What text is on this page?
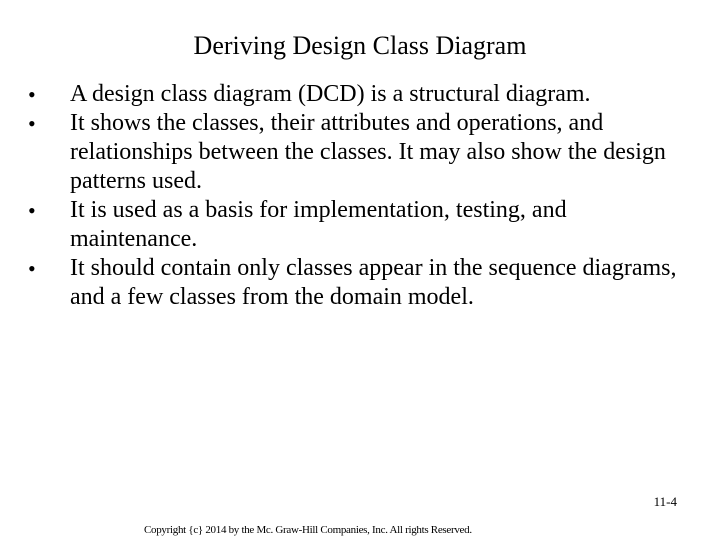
Deriving Design Class Diagram
• A design class diagram (DCD) is a structural diagram.
• It shows the classes, their attributes and operations, and relationships between the classes. It may also show the design patterns used.
• It is used as a basis for implementation, testing, and maintenance.
• It should contain only classes appear in the sequence diagrams, and a few classes from the domain model.
11-4
Copyright {c} 2014 by the Mc. Graw-Hill Companies, Inc. All rights Reserved.
